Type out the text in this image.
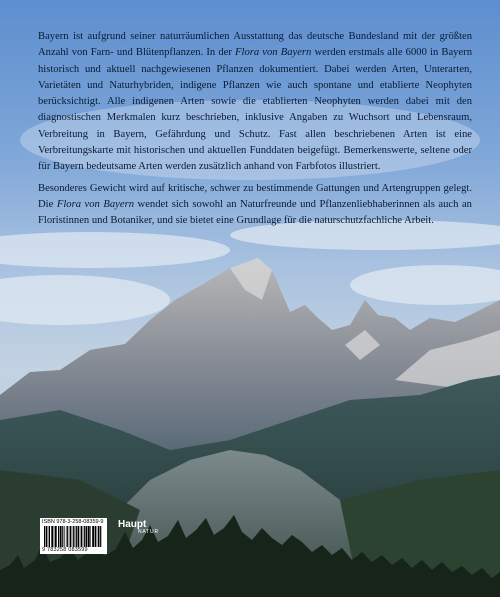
Bayern ist aufgrund seiner naturräumlichen Ausstattung das deutsche Bundesland mit der größten Anzahl von Farn- und Blütenpflanzen. In der Flora von Bayern werden erstmals alle 6000 in Bayern historisch und aktuell nachgewiesenen Pflanzen dokumentiert. Dabei werden Arten, Unterarten, Varietäten und Naturhybriden, indigene Pflanzen wie auch spontane und etablierte Neophyten berücksichtigt. Alle indigenen Arten sowie die etablierten Neophyten werden dabei mit den diagnostischen Merkmalen kurz beschrieben, inklusive Angaben zu Wuchsort und Lebensraum, Verbreitung in Bayern, Gefährdung und Schutz. Fast allen beschriebenen Arten ist eine Verbreitungskarte mit historischen und aktuellen Funddaten beigefügt. Bemerkenswerte, seltene oder für Bayern bedeutsame Arten werden zusätzlich anhand von Farbfotos illustriert.

Besonderes Gewicht wird auf kritische, schwer zu bestimmende Gattungen und Artengruppen gelegt. Die Flora von Bayern wendet sich sowohl an Naturfreunde und Pflanzenliebhaberinnen als auch an Floristinnen und Botaniker, und sie bietet eine Grundlage für die naturschutzfachliche Arbeit.

ISBN 978-3-258-08359-9
9 783258 083599
Haupt
NATUR
